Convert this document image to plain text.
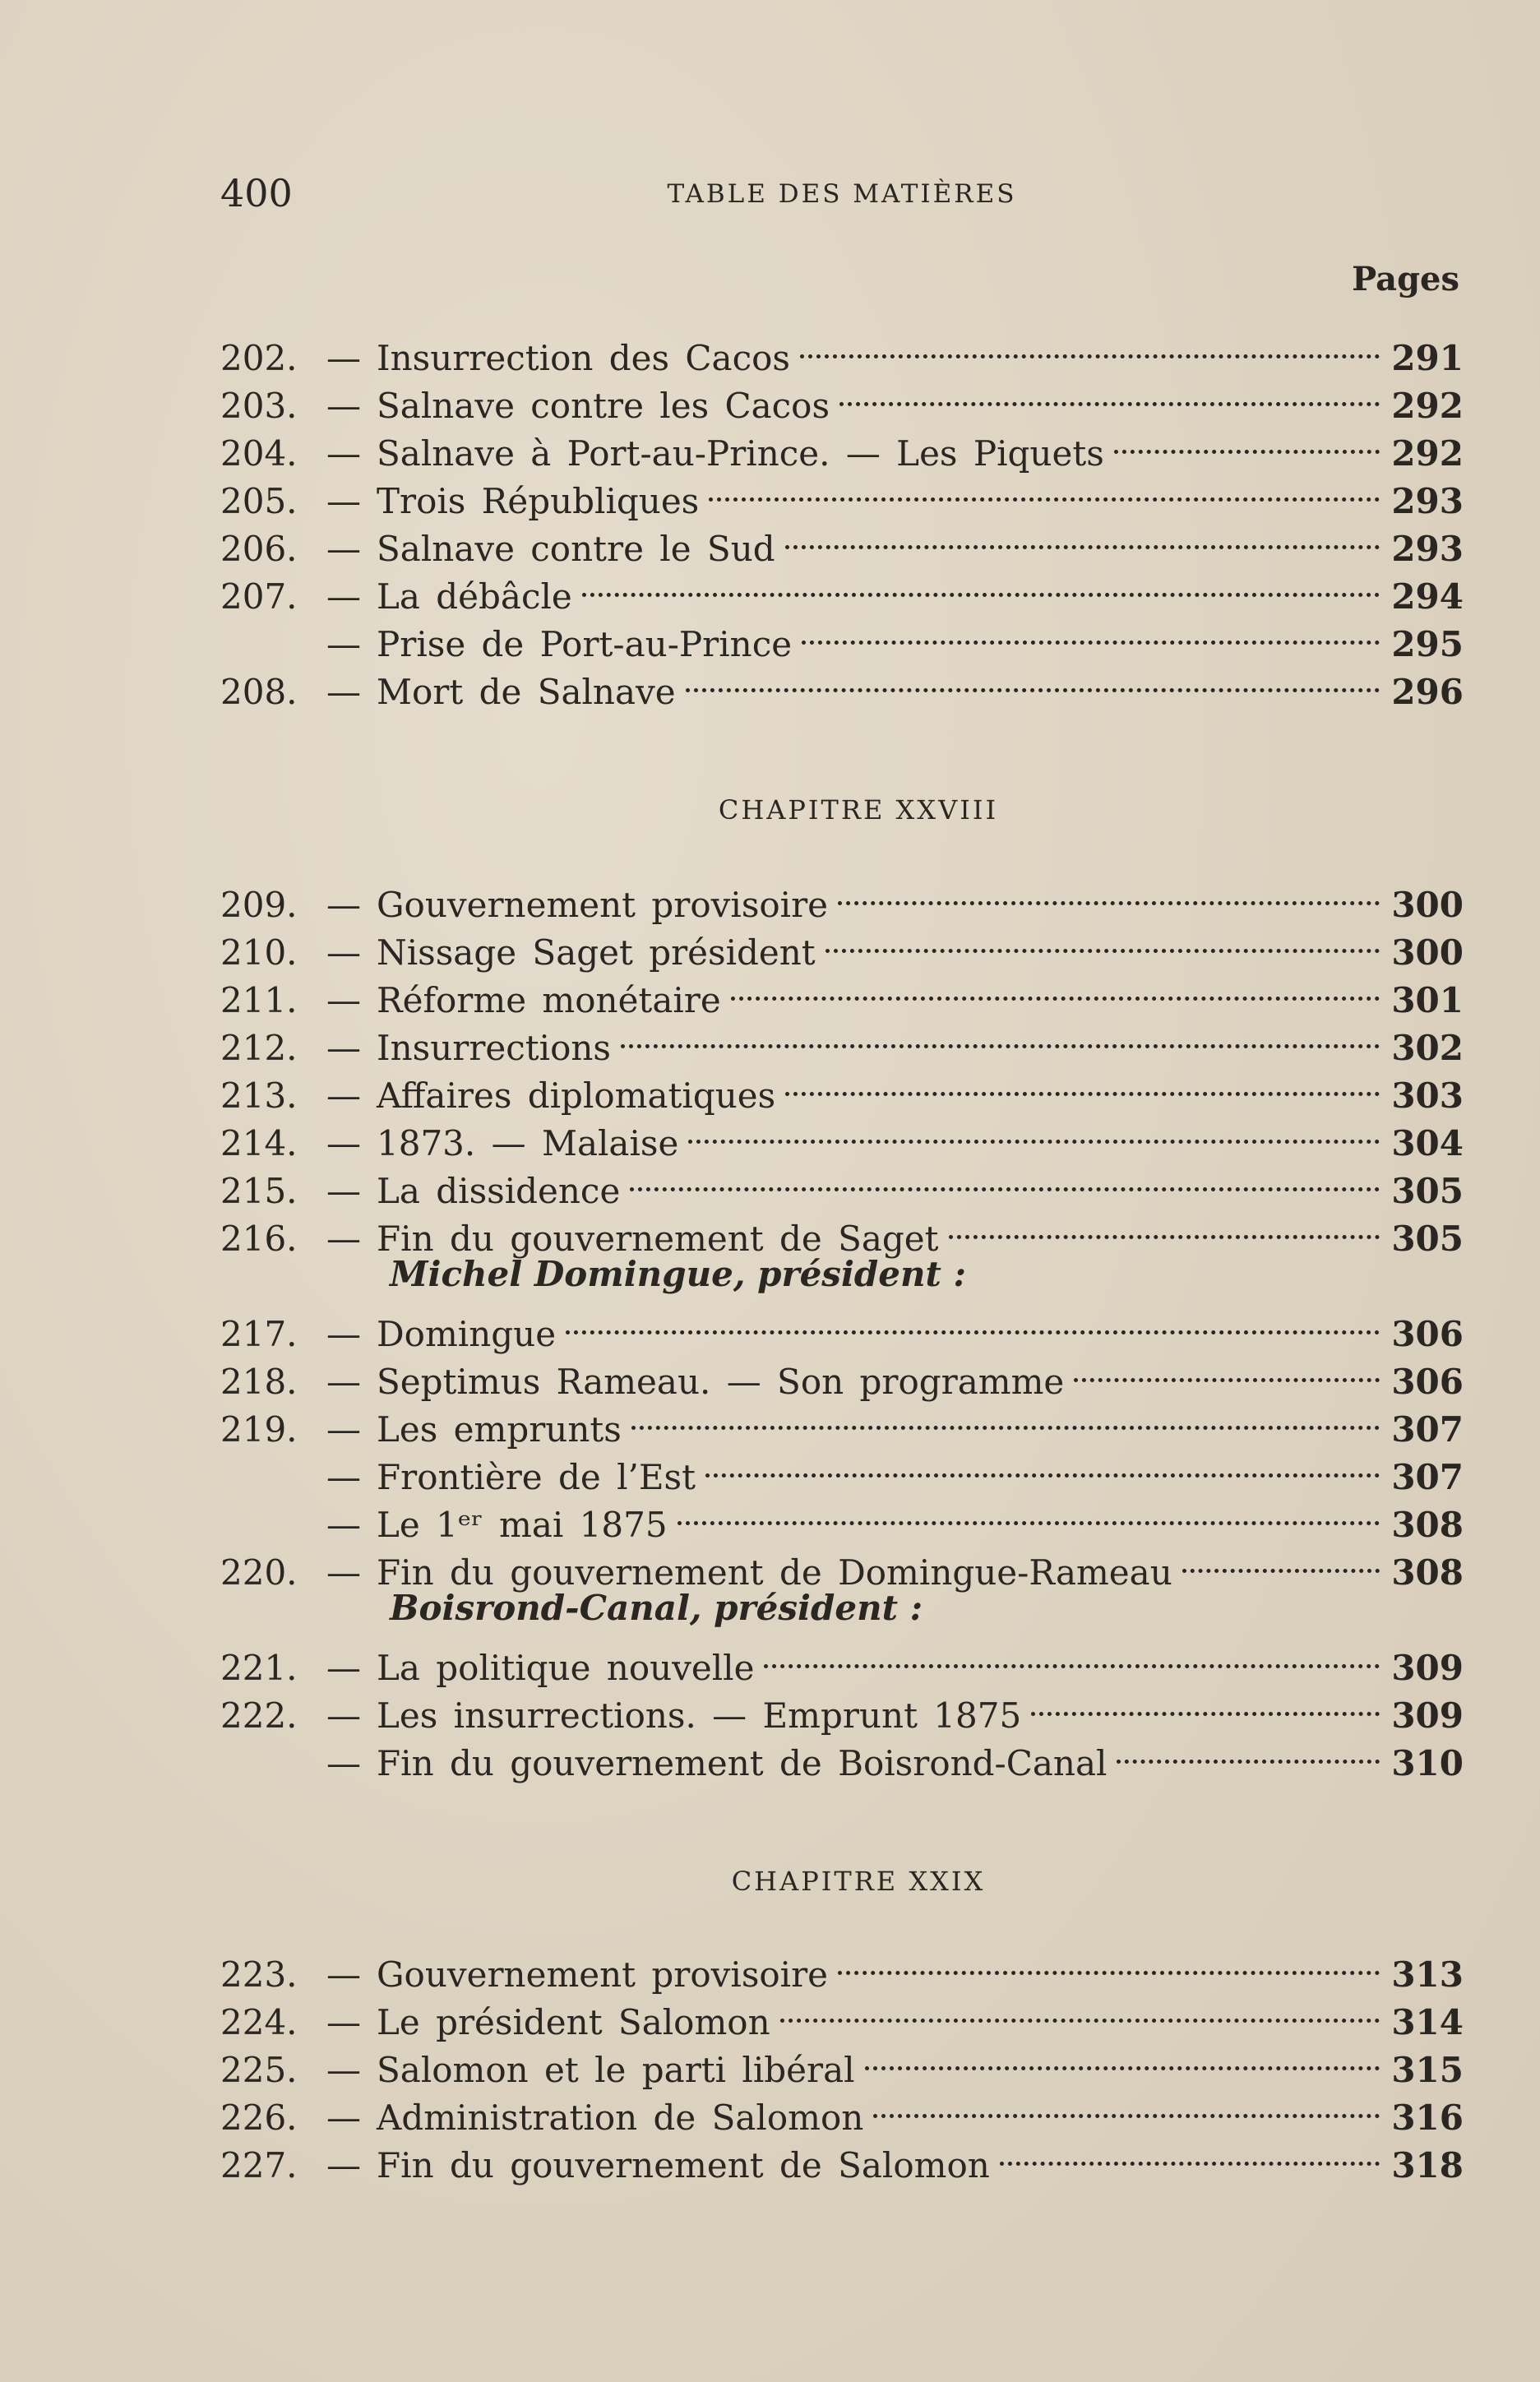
400	TABLE DES MATIÈRES
Pages
202. — Insurrection des Cacos	291
203. — Salnave contre les Cacos	292
204. — Salnave à Port-au-Prince. — Les Piquets	292
205. — Trois Républiques	293
206. — Salnave contre le Sud	293
207. — La débâcle	294
— Prise de Port-au-Prince	295
208. — Mort de Salnave	296
CHAPITRE XXVIII
209. — Gouvernement provisoire	300
210. — Nissage Saget président	300
211. — Réforme monétaire	301
212. — Insurrections	302
213. — Affaires diplomatiques	303
214. — 1873. — Malaise	304
215. — La dissidence	305
216. — Fin du gouvernement de Saget	305
Michel Domingue, président :
217. — Domingue	306
218. — Septimus Rameau. — Son programme	306
219. — Les emprunts	307
— Frontière de l’Est	307
— Le 1ᵉʳ mai 1875	308
220. — Fin du gouvernement de Domingue-Rameau	308
Boisrond-Canal, président :
221. — La politique nouvelle	309
222. — Les insurrections. — Emprunt 1875	309
— Fin du gouvernement de Boisrond-Canal	310
CHAPITRE XXIX
223. — Gouvernement provisoire	313
224. — Le président Salomon	314
225. — Salomon et le parti libéral	315
226. — Administration de Salomon	316
227. — Fin du gouvernement de Salomon	318
